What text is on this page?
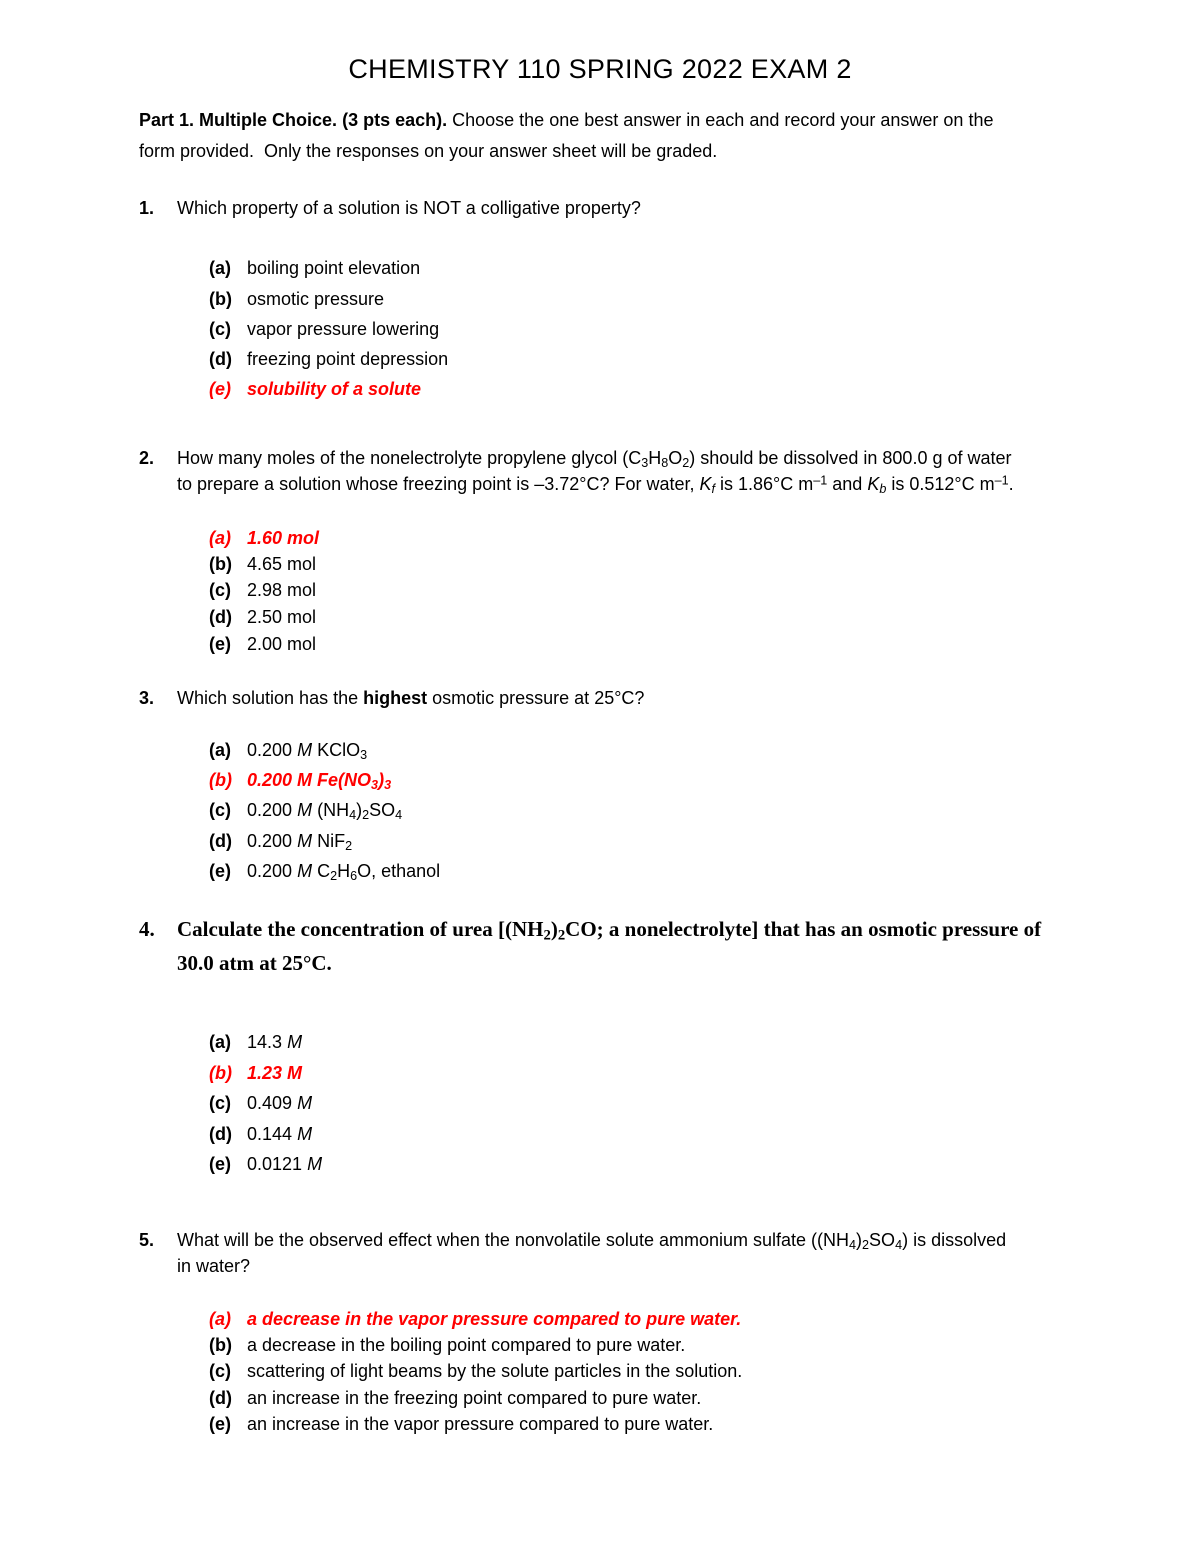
CHEMISTRY 110 SPRING 2022 EXAM 2
Part 1. Multiple Choice. (3 pts each). Choose the one best answer in each and record your answer on the
form provided.  Only the responses on your answer sheet will be graded.
1. Which property of a solution is NOT a colligative property?
(a) boiling point elevation
(b) osmotic pressure
(c) vapor pressure lowering
(d) freezing point depression
(e) solubility of a solute
2. How many moles of the nonelectrolyte propylene glycol $(C_3H_8O_2)$ should be dissolved in 800.0 g of water
to prepare a solution whose freezing point is –3.72°C? For water, $K_f$ is 1.86°C $m^{-1}$ and $K_b$ is 0.512°C $m^{-1}$.
(a) 1.60 mol
(b) 4.65 mol
(c) 2.98 mol
(d) 2.50 mol
(e) 2.00 mol
3. Which solution has the highest osmotic pressure at 25°C?
(a) 0.200 M KClO$_3$
(b) 0.200 M $Fe(NO_3)_3$
(c) 0.200 M $(NH_4)_2SO_4$
(d) 0.200 M NiF$_2$
(e) 0.200 M $C_2H_6O$, ethanol
4. Calculate the concentration of urea [$(NH_2)_2CO$; a nonelectrolyte] that has an osmotic pressure of
30.0 atm at 25°C.
(a) 14.3 M
(b) 1.23 M
(c) 0.409 M
(d) 0.144 M
(e) 0.0121 M
5. What will be the observed effect when the nonvolatile solute ammonium sulfate $((NH_4)_2SO_4)$ is dissolved
in water?
(a) a decrease in the vapor pressure compared to pure water.
(b) a decrease in the boiling point compared to pure water.
(c) scattering of light beams by the solute particles in the solution.
(d) an increase in the freezing point compared to pure water.
(e) an increase in the vapor pressure compared to pure water.
